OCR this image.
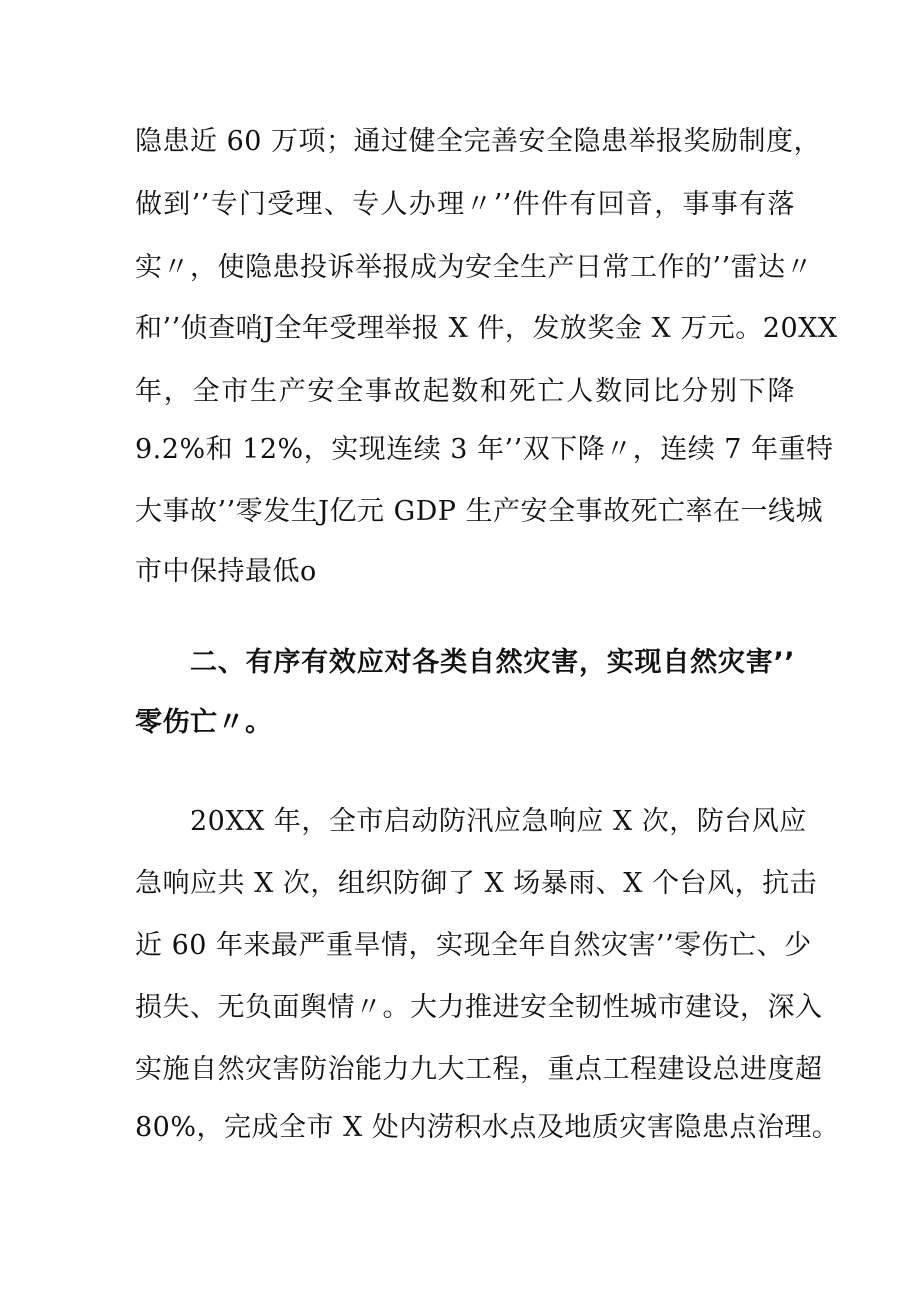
隐患近 60 万项；通过健全完善安全隐患举报奖励制度，
做到’’专门受理、专人办理〃’’件件有回音，事事有落
实〃，使隐患投诉举报成为安全生产日常工作的’’雷达〃
和’’侦查哨J全年受理举报 X 件，发放奖金 X 万元。20XX
年，全市生产安全事故起数和死亡人数同比分别下降
9.2%和 12%，实现连续 3 年’’双下降〃，连续 7 年重特
大事故’’零发生J亿元 GDP 生产安全事故死亡率在一线城
市中保持最低o
二、有序有效应对各类自然灾害，实现自然灾害’’
零伤亡〃。
20XX 年，全市启动防汛应急响应 X 次，防台风应
急响应共 X 次，组织防御了 X 场暴雨、X 个台风，抗击
近 60 年来最严重旱情，实现全年自然灾害’’零伤亡、少
损失、无负面舆情〃。大力推进安全韧性城市建设，深入
实施自然灾害防治能力九大工程，重点工程建设总进度超
80%，完成全市 X 处内涝积水点及地质灾害隐患点治理。
